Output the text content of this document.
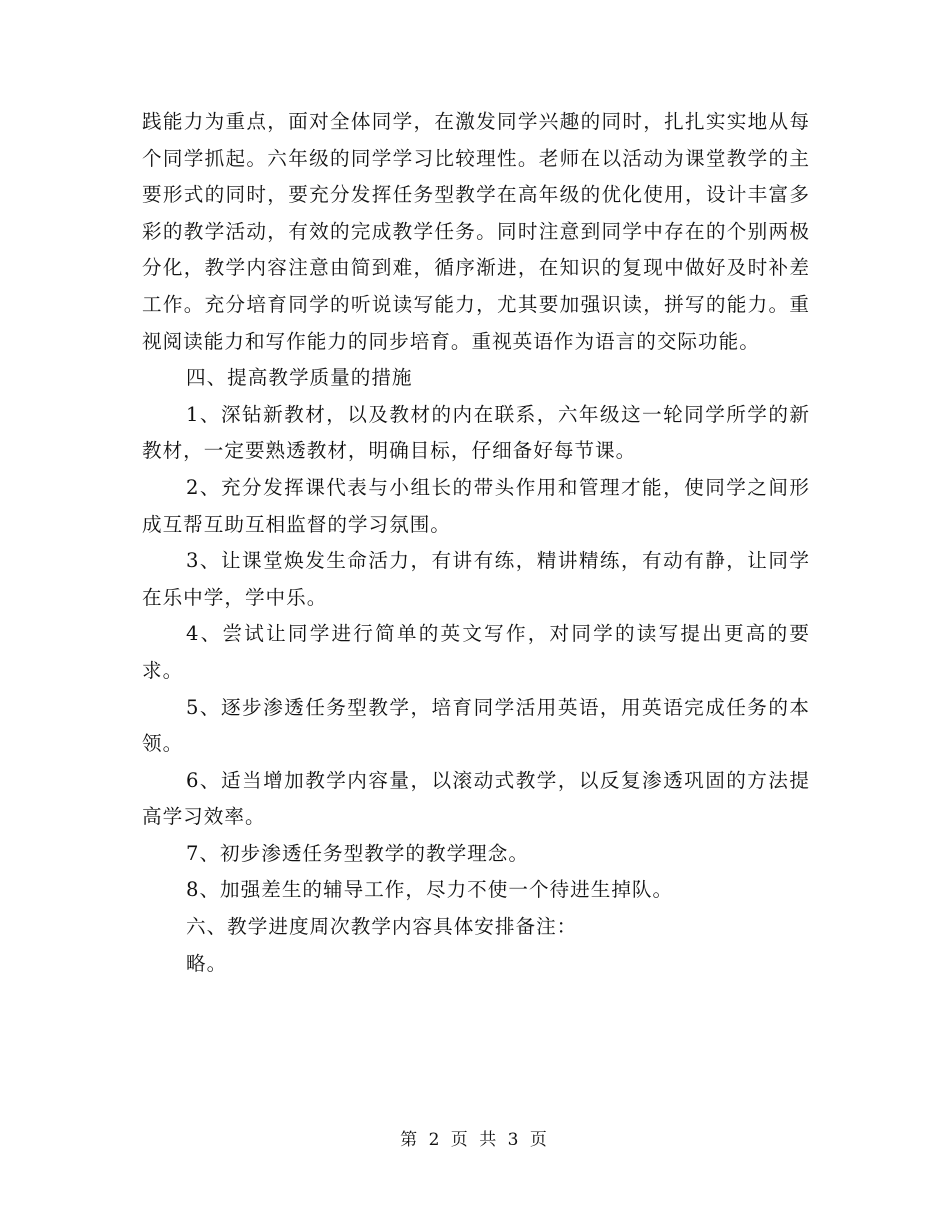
践能力为重点，面对全体同学，在激发同学兴趣的同时，扎扎实实地从每个同学抓起。六年级的同学学习比较理性。老师在以活动为课堂教学的主要形式的同时，要充分发挥任务型教学在高年级的优化使用，设计丰富多彩的教学活动，有效的完成教学任务。同时注意到同学中存在的个别两极分化，教学内容注意由简到难，循序渐进，在知识的复现中做好及时补差工作。充分培育同学的听说读写能力，尤其要加强识读，拼写的能力。重视阅读能力和写作能力的同步培育。重视英语作为语言的交际功能。

四、提高教学质量的措施

1、深钻新教材，以及教材的内在联系，六年级这一轮同学所学的新教材，一定要熟透教材，明确目标，仔细备好每节课。

2、充分发挥课代表与小组长的带头作用和管理才能，使同学之间形成互帮互助互相监督的学习氛围。

3、让课堂焕发生命活力，有讲有练，精讲精练，有动有静，让同学在乐中学，学中乐。

4、尝试让同学进行简单的英文写作，对同学的读写提出更高的要求。

5、逐步渗透任务型教学，培育同学活用英语，用英语完成任务的本领。

6、适当增加教学内容量，以滚动式教学，以反复渗透巩固的方法提高学习效率。

7、初步渗透任务型教学的教学理念。

8、加强差生的辅导工作，尽力不使一个待进生掉队。

六、教学进度周次教学内容具体安排备注：

略。

第 2 页 共 3 页
